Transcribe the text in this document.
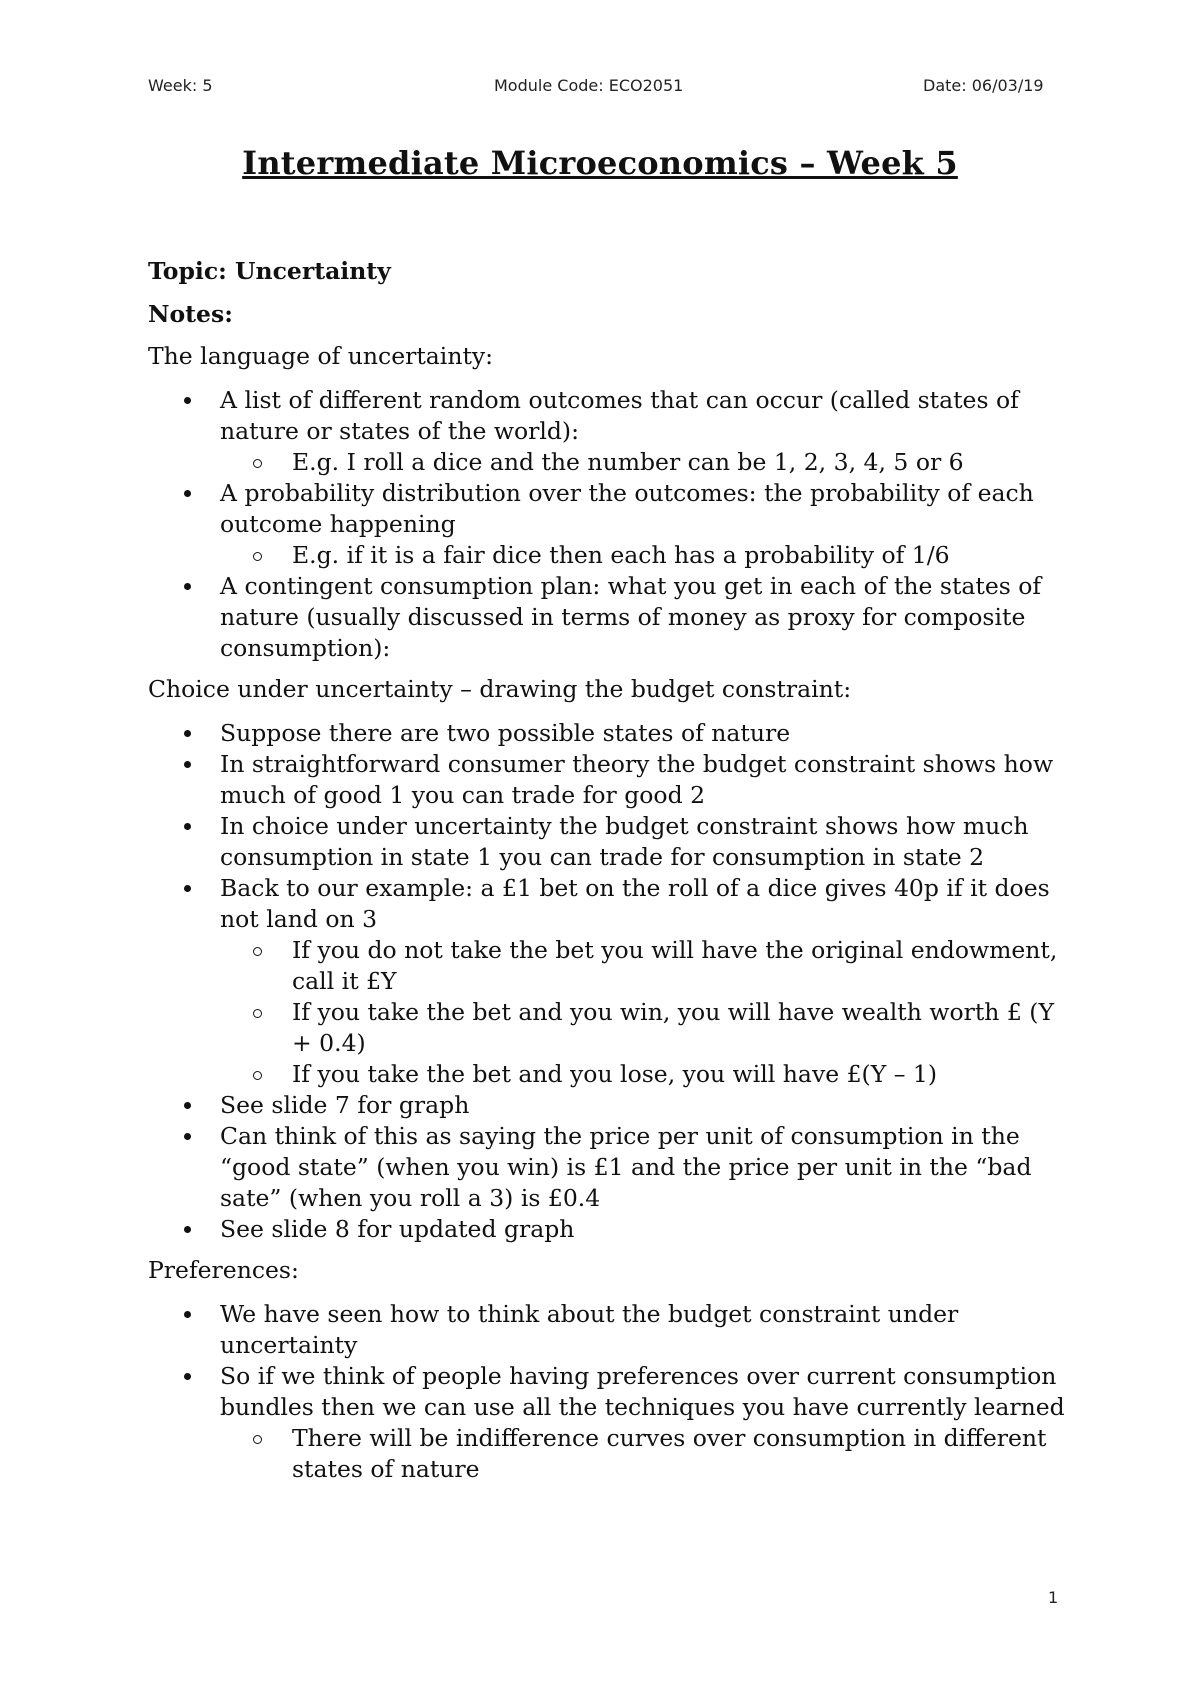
Week: 5	Module Code: ECO2051	Date: 06/03/19
Intermediate Microeconomics – Week 5

Topic: Uncertainty

Notes:

The language of uncertainty:

A list of different random outcomes that can occur (called states of nature or states of the world):
E.g. I roll a dice and the number can be 1, 2, 3, 4, 5 or 6
A probability distribution over the outcomes: the probability of each outcome happening
E.g. if it is a fair dice then each has a probability of 1/6
A contingent consumption plan: what you get in each of the states of nature (usually discussed in terms of money as proxy for composite consumption):

Choice under uncertainty – drawing the budget constraint:

Suppose there are two possible states of nature
In straightforward consumer theory the budget constraint shows how much of good 1 you can trade for good 2
In choice under uncertainty the budget constraint shows how much consumption in state 1 you can trade for consumption in state 2
Back to our example: a £1 bet on the roll of a dice gives 40p if it does not land on 3
If you do not take the bet you will have the original endowment, call it £Y
If you take the bet and you win, you will have wealth worth £ (Y + 0.4)
If you take the bet and you lose, you will have £(Y – 1)
See slide 7 for graph
Can think of this as saying the price per unit of consumption in the “good state” (when you win) is £1 and the price per unit in the “bad sate” (when you roll a 3) is £0.4
See slide 8 for updated graph

Preferences:

We have seen how to think about the budget constraint under uncertainty
So if we think of people having preferences over current consumption bundles then we can use all the techniques you have currently learned
There will be indifference curves over consumption in different states of nature
1
